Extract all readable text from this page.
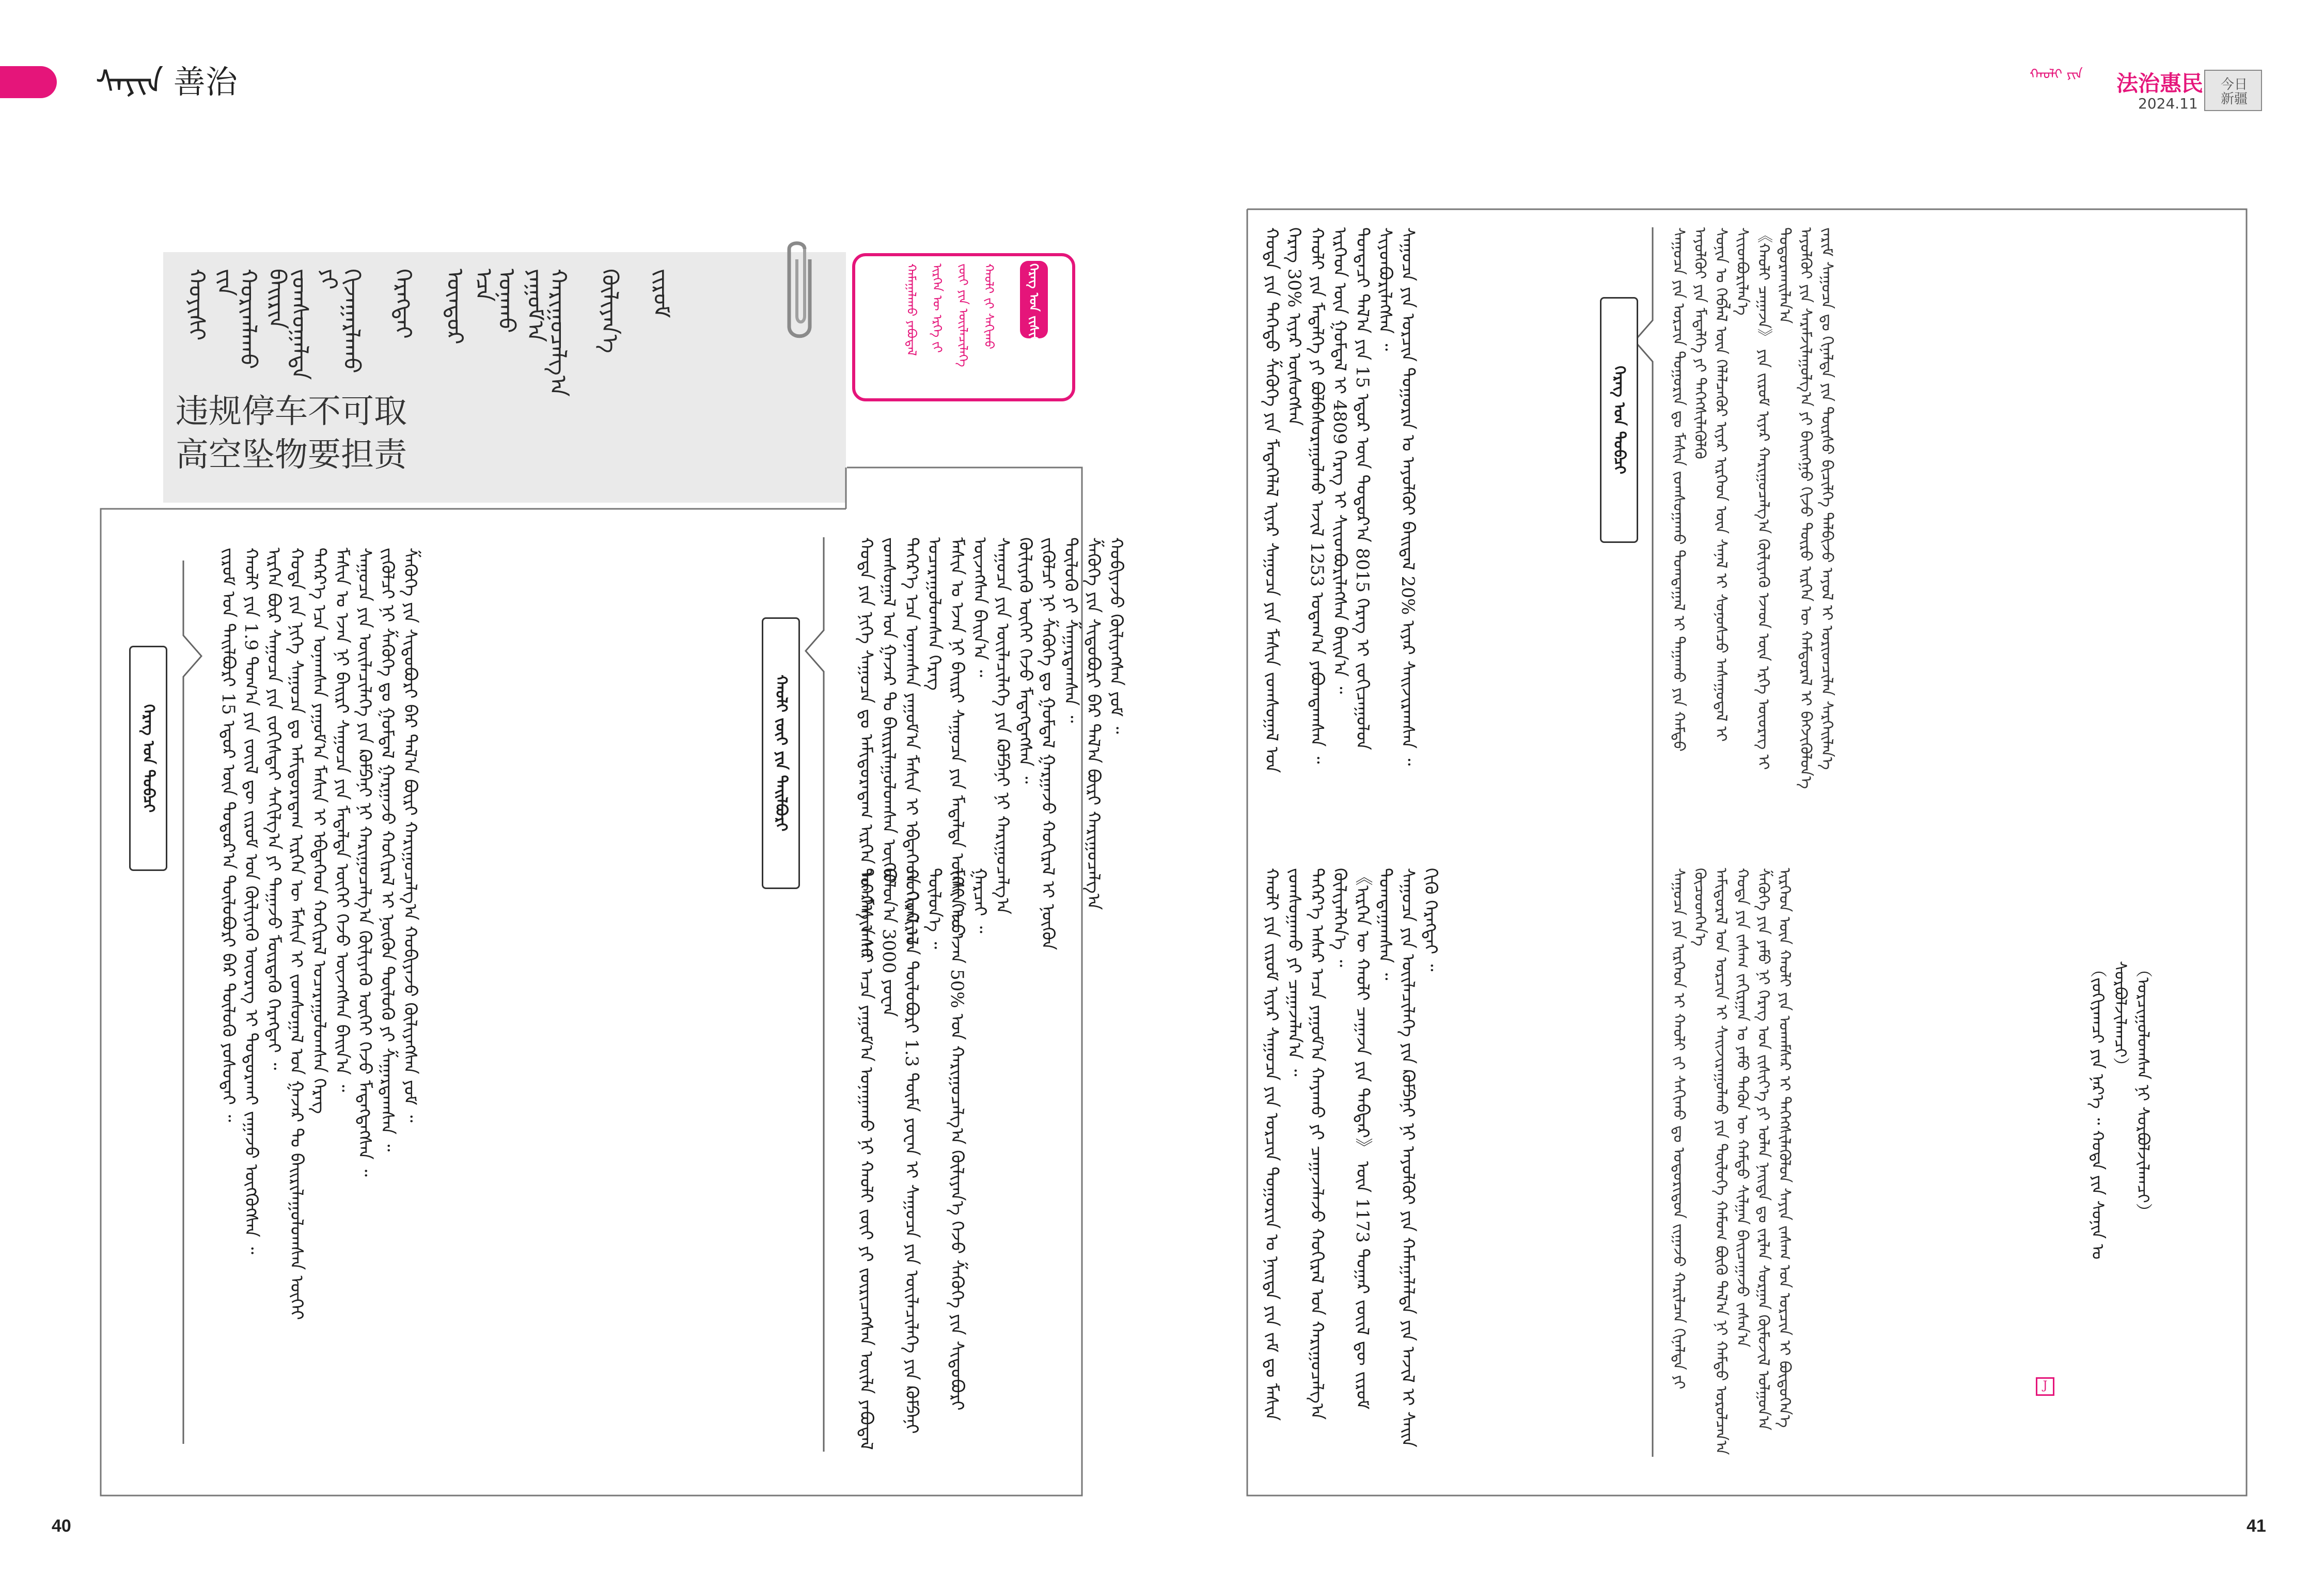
ᠰᠠᠶᠢᠨ 善治	ᠬᠠᠤᠯᠢ ᠶᠢᠨ 法治惠民
2024.11
今日
新疆
ᠬᠡᠷᠡᠭ ᠤᠨ ᠵᠢᠱᠢᠶ᠎ᠡ
ᠬᠠᠤᠯᠢ ᠵᠢ ᠰᠠᠬᠢᠬᠤ
ᠵᠦᠢ ᠶᠢᠨ ᠦᠢᠯᠡᠴᠢᠯᠡᠭᠡ
ᠢᠷᠭᠡᠨ ᠦ ᠡᠷᠬᠡ ᠵᠢ
ᠬᠠᠮᠠᠭᠠᠯᠠᠬᠤ ᠶᠠᠪᠤᠳᠠᠯ
ᠬᠣᠶᠢᠰᠢ ᠵᠢᠨ
ᠬᠣᠷᠢᠭᠯᠠᠬᠤ ᠪᠠᠢᠷᠢᠨ
ᠵᠣᠭᠰᠣᠭᠠᠯᠲᠠ ᠶᠢ
ᠬᠢᠵᠠᠭᠠᠷᠯᠠᠬᠤ ᠬᠡᠷᠡᠭᠲᠡᠢ ᠦᠨᠳᠦᠷ ᠡᠴᠡ
ᠤᠨᠠᠬᠤ ᠶᠠᠭᠤᠮ᠎ᠠ
ᠬᠠᠷᠢᠭᠤᠴᠠᠯᠭ᠎ᠠ ᠬᠦᠯᠢᠶᠡᠨ᠎ᠡ ᠵᠢᠷᠤᠮ
违规停车不可取
高空坠物要担责
ᠬᠠᠤᠯᠢ ᠵᠦᠢ ᠶᠢᠨ ᠲᠠᠢᠯᠪᠤᠷᠢ
ᠬᠡᠷᠡᠭ ᠤᠨ ᠲᠣᠪᠴᠢ	ᠬᠣᠲᠠ ᠶᠢᠨ ᠨᠢᠭᠡ ᠰᠠᠭᠤᠴᠠ ᠳᠤ ᠠᠮᠢᠳᠤᠷᠠᠳᠠᠭ ᠢᠷᠭᠡᠨ ᠦ ᠮᠠᠰᠢᠨ ᠢ ᠵᠣᠭᠰᠣᠭᠠᠯ ᠤᠨ ᠭᠠᠵᠠᠷ ᠲᠤ ᠪᠠᠢᠷᠢᠯᠠᠭᠤᠯᠤᠭᠰᠠᠨ ᠦᠭᠡᠢ ᠳᠡᠭᠡᠷ᠎ᠡ ᠡᠴᠡ ᠤᠨᠠᠭᠰᠠᠨ ᠶᠠᠭᠤᠮ᠎ᠠ ᠮᠠᠰᠢᠨ ᠢ ᠡᠪᠳᠡᠭᠡᠳ ᠬᠣᠬᠢᠷᠠᠯ ᠤᠴᠠᠷᠠᠭᠤᠯᠤᠭᠰᠠᠨ ᠬᠡᠷᠡᠭ ᠮᠠᠰᠢᠨ ᠤ ᠡᠵᠡᠨ ᠨᠢ ᠪᠠᠢᠷᠢ ᠰᠠᠭᠤᠴᠠ ᠶᠢᠨ ᠮᠡᠳᠡᠯᠲᠡ ᠦᠭᠡᠢ ᠭᠡᠵᠦ ᠦᠵᠡᠭᠰᠡᠨ ᠪᠠᠢᠨ᠎ᠠ ᠃ ᠰᠠᠭᠤᠴᠠ ᠶᠢᠨ ᠦᠢᠯᠡᠴᠢᠯᠡᠭᠡ ᠶᠢᠨ ᠺᠣᠮᠫᠠᠨᠢ ᠨᠢ ᠬᠠᠷᠢᠭᠤᠴᠠᠯᠭ᠎ᠠ ᠬᠦᠯᠢᠶᠡᠬᠦ ᠦᠭᠡᠢ ᠭᠡᠵᠦ ᠮᠡᠳᠡᠭᠳᠡᠭᠰᠡᠨ ᠃ ᠵᠢᠭᠦᠯᠴᠢ ᠨᠢ ᠱᠡᠭᠦᠬᠡ ᠳᠤ ᠭᠣᠮᠳᠠᠯ ᠭᠠᠷᠭᠠᠵᠤ ᠬᠣᠬᠢᠷᠠᠯ ᠢ ᠨᠥᠬᠥᠨ ᠲᠥᠯᠥᠬᠦ ᠶᠢ ᠱᠠᠭᠠᠷᠳᠠᠭᠰᠠᠨ ᠃ ᠱᠡᠭᠦᠬᠡ ᠶᠢᠨ ᠱᠢᠳᠦᠪᠦᠷᠢ ᠪᠡᠷ ᠲᠠᠯ᠎ᠠ ᠪᠦᠷᠢ ᠬᠠᠷᠢᠭᠤᠴᠠᠯᠭ᠎ᠠ ᠬᠤᠪᠢᠶᠠᠵᠤ ᠬᠦᠯᠢᠶᠡᠭᠰᠡᠨ ᠶᠤᠮ ᠃
ᠳᠡᠭᠡᠷ᠎ᠡ ᠠᠰᠠᠷ ᠠᠴᠠ ᠶᠠᠭᠤᠮ᠎ᠠ ᠤᠨᠠᠭᠠᠬᠤ ᠨᠢ ᠬᠠᠤᠯᠢ ᠵᠦᠢ ᠶᠢ ᠵᠥᠷᠢᠴᠡᠭᠰᠡᠨ ᠦᠢᠯᠡ ᠶᠠᠪᠤᠳᠠᠯ ᠪᠣᠯᠤᠨ᠎ᠠ 3000 ᠶᠤᠸᠠᠨ ᠬᠣᠬᠢᠷᠠᠯ ᠤᠨ ᠲᠥᠯᠥᠪᠦᠷᠢ 1.3 ᠲᠥᠮᠡ ᠶᠤᠸᠠᠨ ᠢ ᠰᠠᠭᠤᠴᠠ ᠶᠢᠨ ᠦᠢᠯᠡᠴᠢᠯᠡᠭᠡ ᠶᠢᠨ ᠺᠣᠮᠫᠠᠨᠢ ᠲᠥᠯᠥᠨ᠎ᠡ ᠃ ᠮᠠᠰᠢᠨ ᠤ ᠡᠵᠡᠨ 50% ᠤᠨ ᠬᠠᠷᠢᠭᠤᠴᠠᠯᠭ᠎ᠠ ᠬᠦᠯᠢᠶᠡᠨ᠎ᠡ ᠭᠡᠵᠦ ᠱᠡᠭᠦᠬᠡ ᠶᠢᠨ ᠱᠢᠳᠦᠪᠦᠷᠢ ᠭᠠᠷᠴᠠᠢ ᠃
ᠵᠢᠷᠤᠮ ᠤᠨ ᠲᠠᠢᠯᠪᠤᠷᠢ 15 ᠡᠳᠦᠷ ᠦᠨ ᠳᠣᠲᠣᠷ᠎ᠠ ᠲᠥᠯᠥᠪᠦᠷᠢ ᠪᠠᠷ ᠲᠥᠯᠥᠬᠦ ᠶᠣᠰᠣᠲᠠᠢ ᠃ ᠬᠠᠤᠯᠢ ᠶᠢᠨ 1.9 ᠲᠣᠭ᠎ᠠ ᠶᠢᠨ ᠵᠦᠢᠯ ᠳᠦ ᠵᠢᠷᠤᠮ ᠤᠨ ᠬᠦᠯᠢᠶᠡᠬᠦ ᠦᠦᠷᠡᠭ ᠢ ᠲᠣᠳᠣᠷᠬᠠᠢ ᠵᠠᠭᠠᠵᠤ ᠥᠭᠭᠦᠭᠰᠡᠨ ᠃ ᠢᠷᠭᠡᠨ ᠪᠦᠷ ᠰᠠᠭᠤᠴᠠ ᠶᠢᠨ ᠵᠣᠬᠢᠰᠲᠠᠢ ᠰᠠᠬᠢᠯᠭ᠎ᠠ ᠶᠢ ᠳᠠᠭᠠᠵᠤ ᠮᠥᠷᠳᠡᠬᠦ ᠬᠡᠷᠡᠭᠲᠡᠢ ᠃ ᠬᠣᠲᠠ ᠶᠢᠨ ᠨᠢᠭᠡ ᠰᠠᠭᠤᠴᠠ ᠳᠤ ᠠᠮᠢᠳᠤᠷᠠᠳᠠᠭ ᠢᠷᠭᠡᠨ ᠦ ᠮᠠᠰᠢᠨ ᠢ ᠵᠣᠭᠰᠣᠭᠠᠯ ᠤᠨ ᠭᠠᠵᠠᠷ ᠲᠤ ᠪᠠᠢᠷᠢᠯᠠᠭᠤᠯᠤᠭᠰᠠᠨ ᠦᠭᠡᠢ ᠳᠡᠭᠡᠷ᠎ᠡ ᠡᠴᠡ ᠤᠨᠠᠭᠰᠠᠨ ᠶᠠᠭᠤᠮ᠎ᠠ ᠮᠠᠰᠢᠨ ᠢ ᠡᠪᠳᠡᠭᠡᠳ ᠬᠣᠬᠢᠷᠠᠯ ᠤᠴᠠᠷᠠᠭᠤᠯᠤᠭᠰᠠᠨ ᠬᠡᠷᠡᠭ ᠮᠠᠰᠢᠨ ᠤ ᠡᠵᠡᠨ ᠨᠢ ᠪᠠᠢᠷᠢ ᠰᠠᠭᠤᠴᠠ ᠶᠢᠨ ᠮᠡᠳᠡᠯᠲᠡ ᠦᠭᠡᠢ ᠭᠡᠵᠦ ᠦᠵᠡᠭᠰᠡᠨ ᠪᠠᠢᠨ᠎ᠠ ᠃ ᠰᠠᠭᠤᠴᠠ ᠶᠢᠨ ᠦᠢᠯᠡᠴᠢᠯᠡᠭᠡ ᠶᠢᠨ ᠺᠣᠮᠫᠠᠨᠢ ᠨᠢ ᠬᠠᠷᠢᠭᠤᠴᠠᠯᠭ᠎ᠠ ᠬᠦᠯᠢᠶᠡᠬᠦ ᠦᠭᠡᠢ ᠭᠡᠵᠦ ᠮᠡᠳᠡᠭᠳᠡᠭᠰᠡᠨ ᠃ ᠵᠢᠭᠦᠯᠴᠢ ᠨᠢ ᠱᠡᠭᠦᠬᠡ ᠳᠤ ᠭᠣᠮᠳᠠᠯ ᠭᠠᠷᠭᠠᠵᠤ ᠬᠣᠬᠢᠷᠠᠯ ᠢ ᠨᠥᠬᠥᠨ ᠲᠥᠯᠥᠬᠦ ᠶᠢ ᠱᠠᠭᠠᠷᠳᠠᠭᠰᠠᠨ ᠃ ᠱᠡᠭᠦᠬᠡ ᠶᠢᠨ ᠱᠢᠳᠦᠪᠦᠷᠢ ᠪᠡᠷ ᠲᠠᠯ᠎ᠠ ᠪᠦᠷᠢ ᠬᠠᠷᠢᠭᠤᠴᠠᠯᠭ᠎ᠠ ᠬᠤᠪᠢᠶᠠᠵᠤ ᠬᠦᠯᠢᠶᠡᠭᠰᠡᠨ ᠶᠤᠮ ᠃
ᠬᠡᠷᠡᠭ ᠤᠨ ᠲᠣᠪᠴᠢ
ᠬᠣᠲᠠ ᠶᠢᠨ ᠳᠡᠭᠡᠳᠦ ᠱᠡᠭᠦᠬᠡ ᠶᠢᠨ ᠮᠡᠳᠡᠭᠡᠯᠡᠯ ᠢᠶᠡᠷ ᠰᠠᠭᠤᠴᠠ ᠶᠢᠨ ᠮᠠᠰᠢᠨ ᠵᠣᠭᠰᠣᠭᠠᠯ ᠤᠨ ᠬᠡᠷᠡᠭ 30% ᠢᠶᠡᠷ ᠥᠰᠦᠭᠰᠡᠨ ᠬᠠᠤᠯᠢ ᠶᠢᠨ ᠮᠡᠳᠡᠯᠭᠡ ᠶᠢ ᠪᠣᠯᠪᠠᠰᠤᠷᠠᠭᠤᠯᠬᠤ ᠠᠵᠢᠯ 1253 ᠤᠳᠠᠭ᠎ᠠ ᠶᠠᠪᠤᠭᠳᠠᠭᠰᠠᠨ ᠃ ᠢᠷᠭᠡᠳ ᠦᠨ ᠭᠣᠮᠳᠠᠯ ᠢ 4809 ᠬᠡᠷᠡᠭ ᠢ ᠱᠢᠢᠳᠪᠦᠷᠢᠯᠡᠭᠰᠡᠨ ᠪᠠᠢᠨ᠎ᠠ ᠃ ᠳᠤᠨᠳᠠᠴᠢ ᠲᠠᠯ᠎ᠠ ᠶᠢᠨ 15 ᠡᠳᠦᠷ ᠦᠨ ᠳᠣᠲᠣᠷ᠎ᠠ 8015 ᠬᠡᠷᠡᠭ ᠢ ᠵᠣᠬᠢᠴᠠᠭᠤᠯᠤᠨ ᠰᠢᠶᠳᠪᠦᠷᠢᠯᠡᠭᠰᠡᠨ ᠃ ᠰᠠᠭᠤᠴᠠ ᠶᠢᠨ ᠣᠷᠴᠢᠨ ᠲᠣᠭᠣᠷᠢᠨ ᠤ ᠠᠶᠤᠯᠭᠦᠢ ᠪᠠᠢᠳᠠᠯ 20% ᠢᠶᠡᠷ ᠰᠠᠢᠵᠢᠷᠠᠭᠰᠠᠨ ᠃
ᠬᠠᠤᠯᠢ ᠶᠢᠨ ᠵᠢᠷᠤᠮ ᠢᠶᠡᠷ ᠰᠠᠭᠤᠴᠠ ᠶᠢᠨ ᠣᠷᠴᠢᠨ ᠲᠣᠭᠣᠷᠢᠨ ᠤ ᠨᠡᠢᠲᠡ ᠶᠢᠨ ᠵᠠᠮ ᠳᠤ ᠮᠠᠰᠢᠨ ᠵᠣᠭᠰᠣᠭᠠᠬᠤ ᠶᠢ ᠴᠠᠭᠠᠵᠠᠯᠠᠨ᠎ᠠ ᠃ ᠳᠡᠭᠡᠷ᠎ᠡ ᠠᠰᠠᠷ ᠠᠴᠠ ᠶᠠᠭᠤᠮ᠎ᠠ ᠬᠠᠶᠠᠬᠤ ᠶᠢ ᠴᠠᠭᠠᠵᠠᠯᠠᠵᠤ ᠬᠣᠬᠢᠷᠠᠯ ᠤᠨ ᠬᠠᠷᠢᠭᠤᠴᠠᠯᠭ᠎ᠠ ᠬᠦᠯᠢᠶᠡᠯᠭᠡᠨ᠎ᠡ ᠃ 《ᠢᠷᠭᠡᠨ ᠦ ᠬᠠᠤᠯᠢ ᠴᠠᠭᠠᠵᠠ ᠶᠢᠨ ᠳᠡᠪᠲᠡᠷ》 ᠦᠨ 1173 ᠳᠤᠭᠠᠷ ᠵᠦᠢᠯ ᠳᠦ ᠵᠢᠷᠤᠮ ᠲᠣᠭᠲᠠᠭᠠᠭᠰᠠᠨ ᠃ ᠰᠠᠭᠤᠴᠠ ᠶᠢᠨ ᠦᠢᠯᠡᠴᠢᠯᠡᠭᠡ ᠶᠢᠨ ᠺᠣᠮᠫᠠᠨᠢ ᠨᠢ ᠠᠶᠤᠯᠭᠦᠢ ᠶᠢᠨ ᠬᠠᠮᠠᠭᠠᠯᠠᠯᠲᠠ ᠶᠢᠨ ᠠᠵᠢᠯ ᠢ ᠰᠠᠢᠨ ᠬᠢᠬᠦ ᠬᠡᠷᠡᠭᠲᠡᠢ ᠃
ᠰᠠᠭᠤᠴᠠ ᠶᠢᠨ ᠣᠷᠴᠢᠨ ᠲᠣᠭᠣᠷᠢᠨ ᠳᠤ ᠮᠠᠰᠢᠨ ᠵᠣᠭᠰᠣᠭᠠᠬᠤ ᠲᠣᠭᠲᠠᠭᠠᠯ ᠢ ᠳᠠᠭᠠᠬᠤ ᠶᠢᠨ ᠬᠠᠮᠲᠤ ᠠᠶᠤᠯᠭᠦᠢ ᠶᠢᠨ ᠮᠡᠳᠡᠯᠭᠡ ᠶᠢ ᠳᠡᠭᠡᠭᠰᠢᠯᠡᠭᠦᠯᠬᠦ ᠰᠣᠨᠢᠨ ᠤ ᠬᠡᠪᠯᠡᠯ ᠦᠨ ᠬᠡᠯᠡᠯᠴᠡᠭᠦᠷ ᠢᠶᠡᠷ ᠢᠷᠭᠡᠳ ᠦᠨ ᠰᠠᠨᠠᠯ ᠢ ᠰᠣᠨᠣᠰᠴᠤ ᠠᠰᠠᠭᠤᠳᠠᠯ ᠢ ᠰᠢᠢᠳᠪᠦᠷᠢᠯᠡᠨ᠎ᠡ 《ᠬᠠᠤᠯᠢ ᠴᠠᠭᠠᠵᠠ》 ᠶᠢᠨ ᠵᠢᠷᠤᠮ ᠢᠶᠡᠷ ᠬᠠᠷᠢᠭᠤᠴᠠᠯᠭ᠎ᠠ ᠬᠦᠯᠢᠶᠡᠬᠦ ᠡᠵᠡᠳ ᠦᠨ ᠡᠷᠬᠡ ᠦᠦᠷᠡᠭ ᠢ ᠲᠣᠳᠣᠷᠬᠠᠢᠯᠠᠨ᠎ᠠ ᠠᠶᠤᠯᠭᠦᠢ ᠶᠢᠨ ᠰᠠᠷᠠᠮᠵᠢᠯᠠᠭᠤᠯᠭ᠎ᠠ ᠶᠢ ᠪᠠᠢᠩᠭᠤ ᠬᠢᠵᠦ ᠲᠥᠷᠦ ᠢᠷᠭᠡᠨ ᠦ ᠬᠠᠮᠲᠤᠷᠠᠯ ᠢ ᠪᠡᠬᠵᠢᠭᠦᠯᠦᠨ᠎ᠡ ᠵᠠᠷᠢᠮ ᠰᠠᠭᠤᠴᠠ ᠳᠤ ᠬᠢᠨᠠᠯᠲᠠ ᠶᠢᠨ ᠳᠦᠷᠰᠦ ᠪᠢᠴᠢᠯᠭᠡ ᠲᠠᠯᠪᠢᠵᠤ ᠠᠶᠤᠯ ᠢ ᠤᠷᠢᠳᠴᠢᠯᠠᠨ ᠰᠡᠷᠭᠡᠢᠯᠡᠨ᠎ᠡ
ᠰᠠᠭᠤᠴᠠ ᠶᠢᠨ ᠢᠷᠭᠡᠳ ᠢ ᠬᠠᠤᠯᠢ ᠵᠢ ᠰᠠᠬᠢᠬᠤ ᠳᠤ ᠤᠳᠤᠷᠢᠳᠤᠨ ᠵᠢᠭᠠᠵᠤ ᠬᠠᠷᠢᠯᠴᠠᠨ ᠬᠢᠨᠠᠯᠲᠠ ᠶᠢ ᠬᠦᠴᠦᠳᠬᠡᠨ᠎ᠡ ᠠᠮᠢᠳᠤᠷᠠᠯ ᠤᠨ ᠣᠷᠴᠢᠨ ᠢ ᠰᠠᠢᠵᠢᠷᠠᠭᠤᠯᠬᠤ ᠶᠢᠨ ᠲᠥᠯᠥᠭᠡ ᠬᠠᠮᠤᠭ ᠪᠦᠬᠦ ᠲᠠᠯ᠎ᠠ ᠨᠢ ᠬᠠᠮᠲᠤ ᠣᠷᠣᠯᠴᠠᠨ᠎ᠠ ᠬᠣᠲᠠ ᠶᠢᠨ ᠵᠠᠰᠠᠭ ᠵᠠᠬᠢᠷᠭᠠᠨ ᠤ ᠶᠠᠮᠤ ᠲᠡᠭᠦᠨ ᠦ ᠬᠠᠮᠲᠤ ᠰᠢᠯᠭᠠᠨ ᠪᠠᠢᠴᠠᠭᠠᠵᠤ ᠵᠠᠰᠠᠨ᠎ᠠ ᠱᠡᠭᠦᠬᠡ ᠶᠢᠨ ᠶᠠᠮᠤ ᠨᠢ ᠬᠡᠷᠡᠭ ᠤᠨ ᠵᠢᠱᠢᠶ᠎ᠡ ᠶᠢ ᠣᠯᠠᠨ ᠨᠡᠢᠲᠡ ᠳᠤ ᠵᠠᠷᠯᠠᠨ ᠰᠤᠷᠭᠠᠨ ᠬᠦᠮᠦᠵᠢᠯ ᠣᠯᠭᠣᠨ᠎ᠠ ᠢᠷᠭᠡᠳ ᠦᠨ ᠬᠠᠤᠯᠢ ᠶᠢᠨ ᠤᠬᠠᠮᠰᠠᠷ ᠢ ᠳᠡᠭᠡᠭᠰᠢᠯᠡᠭᠦᠯᠦᠨ ᠰᠠᠶᠢᠨ ᠵᠠᠰᠠᠭ ᠤᠨ ᠣᠷᠴᠢᠨ ᠢ ᠪᠦᠲᠦᠭᠡᠨ᠎ᠡ	（ᠵᠣᠬᠢᠶᠠᠭᠴᠢ ᠶᠢᠨ ᠨᠡᠷ᠎ᠡ ᠃ ᠬᠣᠲᠠ ᠶᠢᠨ ᠰᠣᠨᠢᠨ ᠤ ᠰᠤᠷᠪᠤᠯᠵᠢᠯᠠᠭᠴᠢ） （ᠣᠷᠴᠢᠭᠤᠯᠤᠭᠰᠠᠨ ᠨᠢ ᠰᠤᠷᠪᠤᠯᠵᠢᠯᠠᠭᠴᠢ）
J
40	41
